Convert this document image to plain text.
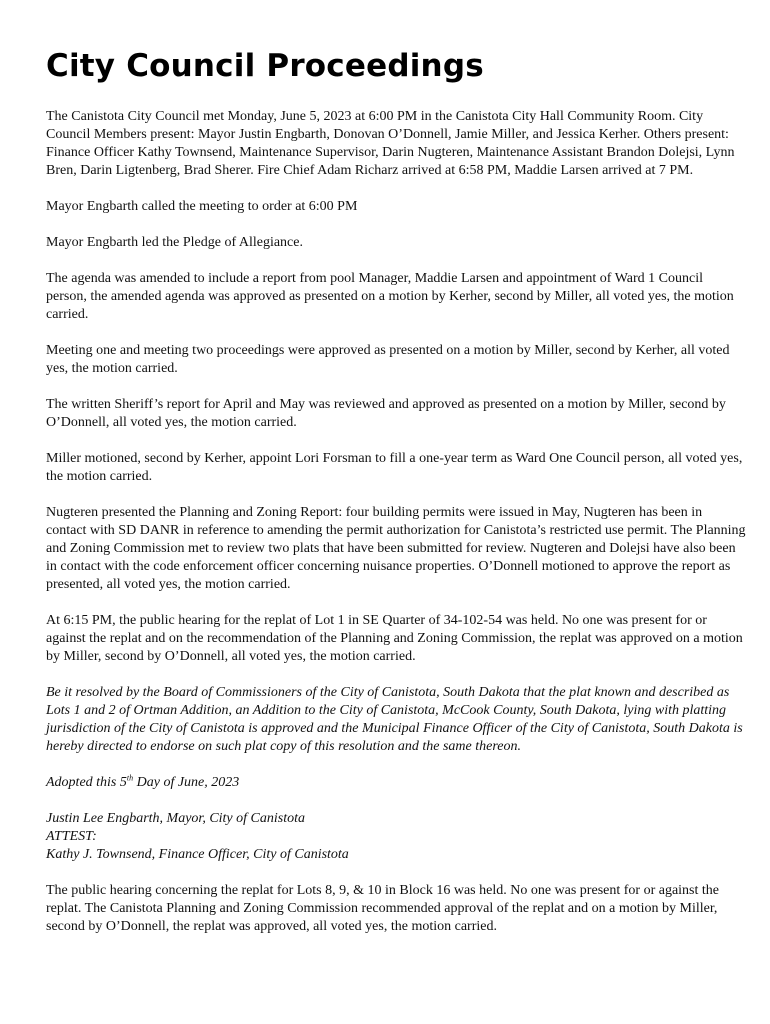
City Council Proceedings

The Canistota City Council met Monday, June 5, 2023 at 6:00 PM in the Canistota City Hall Community Room. City Council Members present: Mayor Justin Engbarth, Donovan O’Donnell, Jamie Miller, and Jessica Kerher. Others present: Finance Officer Kathy Townsend, Maintenance Supervisor, Darin Nugteren, Maintenance Assistant Brandon Dolejsi, Lynn Bren, Darin Ligtenberg, Brad Sherer. Fire Chief Adam Richarz arrived at 6:58 PM, Maddie Larsen arrived at 7 PM.

Mayor Engbarth called the meeting to order at 6:00 PM

Mayor Engbarth led the Pledge of Allegiance.

The agenda was amended to include a report from pool Manager, Maddie Larsen and appointment of Ward 1 Council person, the amended agenda was approved as presented on a motion by Kerher, second by Miller, all voted yes, the motion carried.

Meeting one and meeting two proceedings were approved as presented on a motion by Miller, second by Kerher, all voted yes, the motion carried.

The written Sheriff’s report for April and May was reviewed and approved as presented on a motion by Miller, second by O’Donnell, all voted yes, the motion carried.

Miller motioned, second by Kerher, appoint Lori Forsman to fill a one-year term as Ward One Council person, all voted yes, the motion carried.

Nugteren presented the Planning and Zoning Report: four building permits were issued in May, Nugteren has been in contact with SD DANR in reference to amending the permit authorization for Canistota’s restricted use permit. The Planning and Zoning Commission met to review two plats that have been submitted for review. Nugteren and Dolejsi have also been in contact with the code enforcement officer concerning nuisance properties. O’Donnell motioned to approve the report as presented, all voted yes, the motion carried.

At 6:15 PM, the public hearing for the replat of Lot 1 in SE Quarter of 34-102-54 was held. No one was present for or against the replat and on the recommendation of the Planning and Zoning Commission, the replat was approved on a motion by Miller, second by O’Donnell, all voted yes, the motion carried.

Be it resolved by the Board of Commissioners of the City of Canistota, South Dakota that the plat known and described as Lots 1 and 2 of Ortman Addition, an Addition to the City of Canistota, McCook County, South Dakota, lying with platting jurisdiction of the City of Canistota is approved and the Municipal Finance Officer of the City of Canistota, South Dakota is hereby directed to endorse on such plat copy of this resolution and the same thereon.

Adopted this 5th Day of June, 2023

Justin Lee Engbarth, Mayor, City of Canistota
ATTEST:
Kathy J. Townsend, Finance Officer, City of Canistota

The public hearing concerning the replat for Lots 8, 9, & 10 in Block 16 was held. No one was present for or against the replat. The Canistota Planning and Zoning Commission recommended approval of the replat and on a motion by Miller, second by O’Donnell, the replat was approved, all voted yes, the motion carried.
